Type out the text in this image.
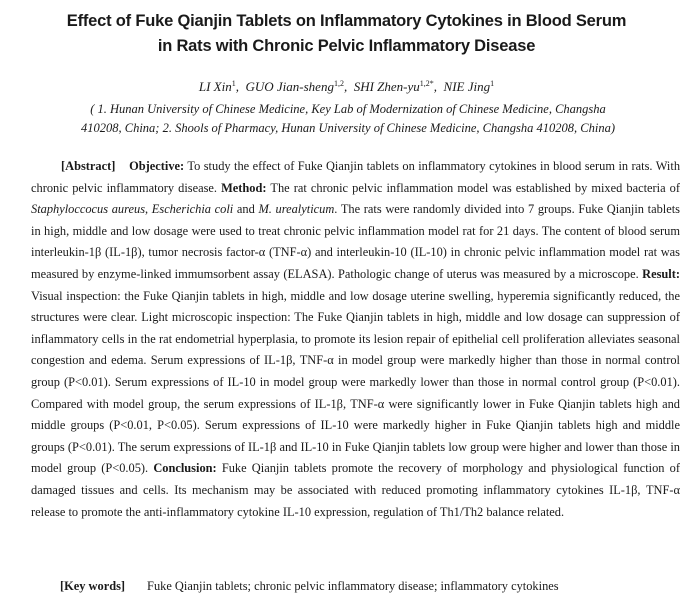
Effect of Fuke Qianjin Tablets on Inflammatory Cytokines in Blood Serum
in Rats with Chronic Pelvic Inflammatory Disease
LI Xin$^1$,  GUO Jian-sheng$^{1,2}$,  SHI Zhen-$yu^{1,2*}$,  NIE Jing$^1$
( 1. Hunan University of Chinese Medicine, Key Lab of Modernization of Chinese Medicine, Changsha
410208, China; 2. Shools of Pharmacy, Hunan University of Chinese Medicine, Changsha 410208, China)

[Abstract] Objective: To study the effect of Fuke Qianjin tablets on inflammatory cytokines in blood serum in rats. With chronic pelvic inflammatory disease. Method: The rat chronic pelvic inflammation model was established by mixed bacteria of Staphyloccocus aureus, Escherichia coli and M. urealyticum. The rats were randomly divided into 7 groups. Fuke Qianjin tablets in high, middle and low dosage were used to treat chronic pelvic inflammation model rat for 21 days. The content of blood serum interleukin-1β (IL-1β), tumor necrosis factor-α (TNF-α) and interleukin-10 (IL-10) in chronic pelvic inflammation model rat was measured by enzyme-linked immumsorbent assay (ELASA). Pathologic change of uterus was measured by a microscope. Result: Visual inspection: the Fuke Qianjin tablets in high, middle and low dosage uterine swelling, hyperemia significantly reduced, the structures were clear. Light microscopic inspection: The Fuke Qianjin tablets in high, middle and low dosage can suppression of inflammatory cells in the rat endometrial hyperplasia, to promote its lesion repair of epithelial cell proliferation alleviates seasonal congestion and edema. Serum expressions of IL-1β, TNF-α in model group were markedly higher than those in normal control group (P<0.01). Serum expressions of IL-10 in model group were markedly lower than those in normal control group (P<0.01). Compared with model group, the serum expressions of IL-1β, TNF-α were significantly lower in Fuke Qianjin tablets high and middle groups (P<0.01, P<0.05). Serum expressions of IL-10 were markedly higher in Fuke Qianjin tablets high and middle groups (P<0.01). The serum expressions of IL-1β and IL-10 in Fuke Qianjin tablets low group were higher and lower than those in model group (P<0.05). Conclusion: Fuke Qianjin tablets promote the recovery of morphology and physiological function of damaged tissues and cells. Its mechanism may be associated with reduced promoting inflammatory cytokines IL-1β, TNF-α release to promote the anti-inflammatory cytokine IL-10 expression, regulation of Th1/Th2 balance related.

[Key words] Fuke Qianjin tablets; chronic pelvic inflammatory disease; inflammatory cytokines
